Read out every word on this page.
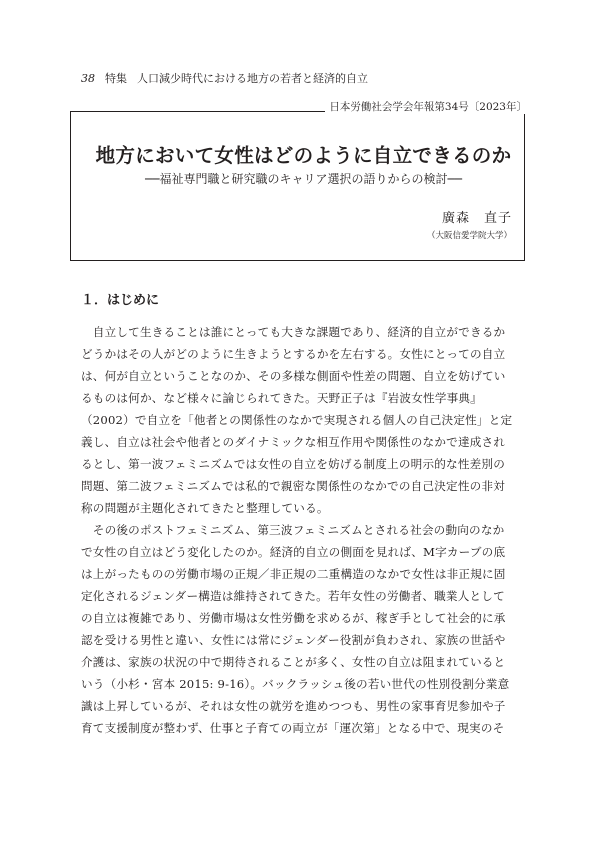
38 特集 人口減少時代における地方の若者と経済的自立
日本労働社会学会年報第34号〔2023年〕
地方において女性はどのように自立できるのか
──福祉専門職と研究職のキャリア選択の語りからの検討──
廣森　直子
（大阪信愛学院大学）
１．はじめに
　自立して生きることは誰にとっても大きな課題であり、経済的自立ができるか
どうかはその人がどのように生きようとするかを左右する。女性にとっての自立
は、何が自立ということなのか、その多様な側面や性差の問題、自立を妨げてい
るものは何か、など様々に論じられてきた。天野正子は『岩波女性学事典』
（2002）で自立を「他者との関係性のなかで実現される個人の自己決定性」と定
義し、自立は社会や他者とのダイナミックな相互作用や関係性のなかで達成され
るとし、第一波フェミニズムでは女性の自立を妨げる制度上の明示的な性差別の
問題、第二波フェミニズムでは私的で親密な関係性のなかでの自己決定性の非対
称の問題が主題化されてきたと整理している。
　その後のポストフェミニズム、第三波フェミニズムとされる社会の動向のなか
で女性の自立はどう変化したのか。経済的自立の側面を見れば、M字カーブの底
は上がったものの労働市場の正規／非正規の二重構造のなかで女性は非正規に固
定化されるジェンダー構造は維持されてきた。若年女性の労働者、職業人として
の自立は複雑であり、労働市場は女性労働を求めるが、稼ぎ手として社会的に承
認を受ける男性と違い、女性には常にジェンダー役割が負わされ、家族の世話や
介護は、家族の状況の中で期待されることが多く、女性の自立は阻まれていると
いう（小杉・宮本 2015: 9-16）。バックラッシュ後の若い世代の性別役割分業意
識は上昇しているが、それは女性の就労を進めつつも、男性の家事育児参加や子
育て支援制度が整わず、仕事と子育ての両立が「運次第」となる中で、現実のそ
